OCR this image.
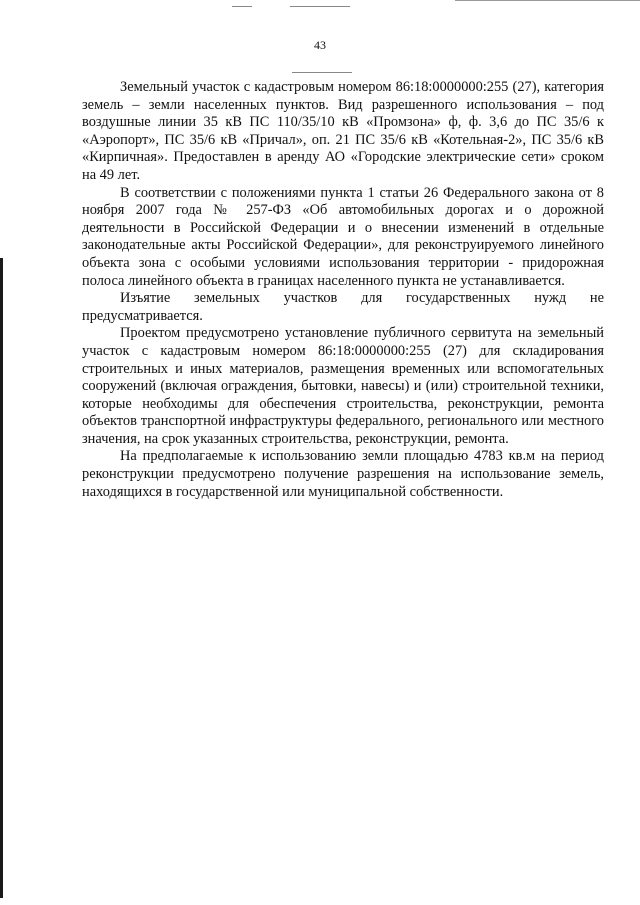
43

Земельный участок с кадастровым номером 86:18:0000000:255 (27), категория земель – земли населенных пунктов. Вид разрешенного использования – под воздушные линии 35 кВ ПС 110/35/10 кВ «Промзона» ф, ф. 3,6 до ПС 35/6 к «Аэропорт», ПС 35/6 кВ «Причал», оп. 21 ПС 35/6 кВ «Котельная-2», ПС 35/6 кВ «Кирпичная». Предоставлен в аренду АО «Городские электрические сети» сроком на 49 лет.

В соответствии с положениями пункта 1 статьи 26 Федерального закона от 8 ноября 2007 года № 257-ФЗ «Об автомобильных дорогах и о дорожной деятельности в Российской Федерации и о внесении изменений в отдельные законодательные акты Российской Федерации», для реконструируемого линейного объекта зона с особыми условиями использования территории - придорожная полоса линейного объекта в границах населенного пункта не устанавливается.

Изъятие земельных участков для государственных нужд не предусматривается.

Проектом предусмотрено установление публичного сервитута на земельный участок с кадастровым номером 86:18:0000000:255 (27) для складирования строительных и иных материалов, размещения временных или вспомогательных сооружений (включая ограждения, бытовки, навесы) и (или) строительной техники, которые необходимы для обеспечения строительства, реконструкции, ремонта объектов транспортной инфраструктуры федерального, регионального или местного значения, на срок указанных строительства, реконструкции, ремонта.

На предполагаемые к использованию земли площадью 4783 кв.м на период реконструкции предусмотрено получение разрешения на использование земель, находящихся в государственной или муниципальной собственности.
